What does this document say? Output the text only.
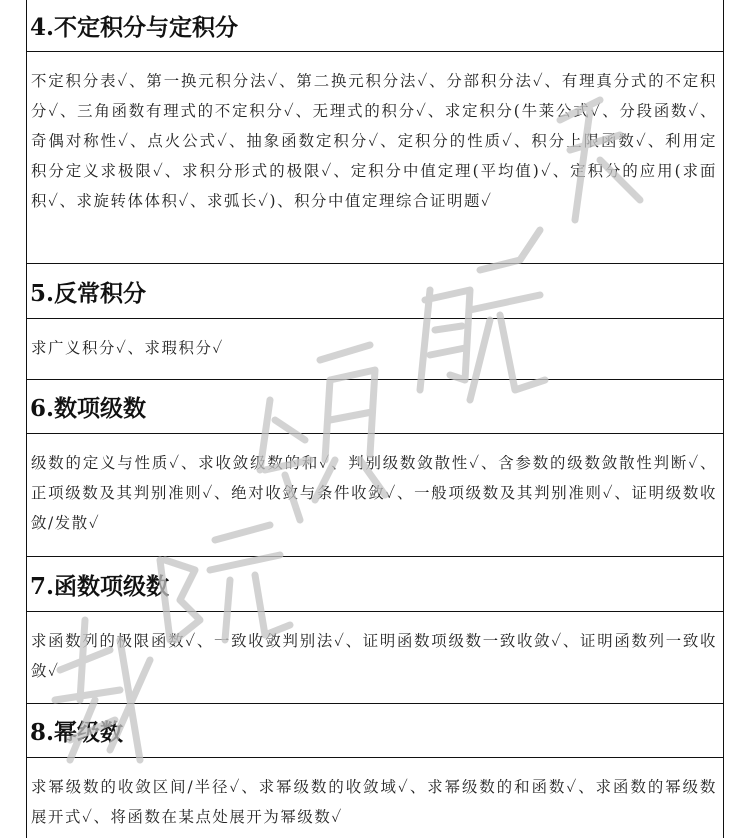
4.不定积分与定积分
不定积分表✓、第一换元积分法✓、第二换元积分法✓、分部积分法✓、有理真分式的不定积分✓、三角函数有理式的不定积分✓、无理式的积分✓、求定积分(牛莱公式✓、分段函数✓、奇偶对称性✓、点火公式✓、抽象函数定积分✓、定积分的性质✓、积分上限函数✓、利用定积分定义求极限✓、求积分形式的极限✓、定积分中值定理(平均值)✓、定积分的应用(求面积✓、求旋转体体积✓、求弧长✓)、积分中值定理综合证明题✓
5.反常积分
求广义积分✓、求瑕积分✓
6.数项级数
级数的定义与性质✓、求收敛级数的和✓、判别级数敛散性✓、含参数的级数敛散性判断✓、正项级数及其判别准则✓、绝对收敛与条件收敛✓、一般项级数及其判别准则✓、证明级数收敛/发散✓
7.函数项级数
求函数列的极限函数✓、一致收敛判别法✓、证明函数项级数一致收敛✓、证明函数列一致收敛✓
8.幂级数
求幂级数的收敛区间/半径✓、求幂级数的收敛域✓、求幂级数的和函数✓、求函数的幂级数展开式✓、将函数在某点处展开为幂级数✓
